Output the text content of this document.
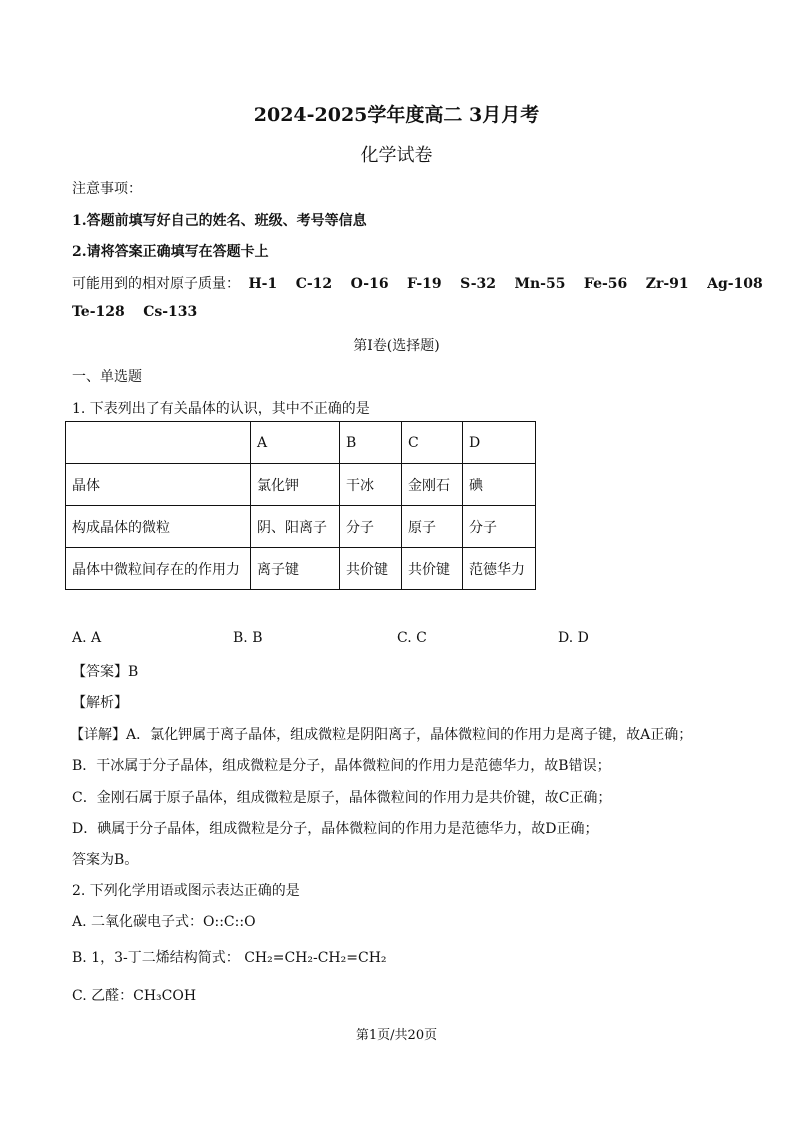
2024-2025学年度高二 3月月考
化学试卷
注意事项：
1.答题前填写好自己的姓名、班级、考号等信息
2.请将答案正确填写在答题卡上
可能用到的相对原子质量： H-1 C-12 O-16 F-19 S-32 Mn-55 Fe-56 Zr-91 Ag-108
Te-128 Cs-133
第Ⅰ卷(选择题)
一、单选题
1. 下表列出了有关晶体的认识，其中不正确的是
	A	B	C	D
晶体	氯化钾	干冰	金刚石	碘
构成晶体的微粒	阴、阳离子	分子	原子	分子
晶体中微粒间存在的作用力	离子键	共价键	共价键	范德华力
A. A	B. B	C. C	D. D
【答案】B
【解析】
【详解】A．氯化钾属于离子晶体，组成微粒是阴阳离子，晶体微粒间的作用力是离子键，故A正确；
B．干冰属于分子晶体，组成微粒是分子，晶体微粒间的作用力是范德华力，故B错误；
C．金刚石属于原子晶体，组成微粒是原子，晶体微粒间的作用力是共价键，故C正确；
D．碘属于分子晶体，组成微粒是分子，晶体微粒间的作用力是范德华力，故D正确；
答案为B。
2. 下列化学用语或图示表达正确的是
A. 二氧化碳电子式：O::C::O
B. 1，3-丁二烯结构简式： CH₂=CH₂-CH₂=CH₂
C. 乙醛：CH₃COH
第1页/共20页
